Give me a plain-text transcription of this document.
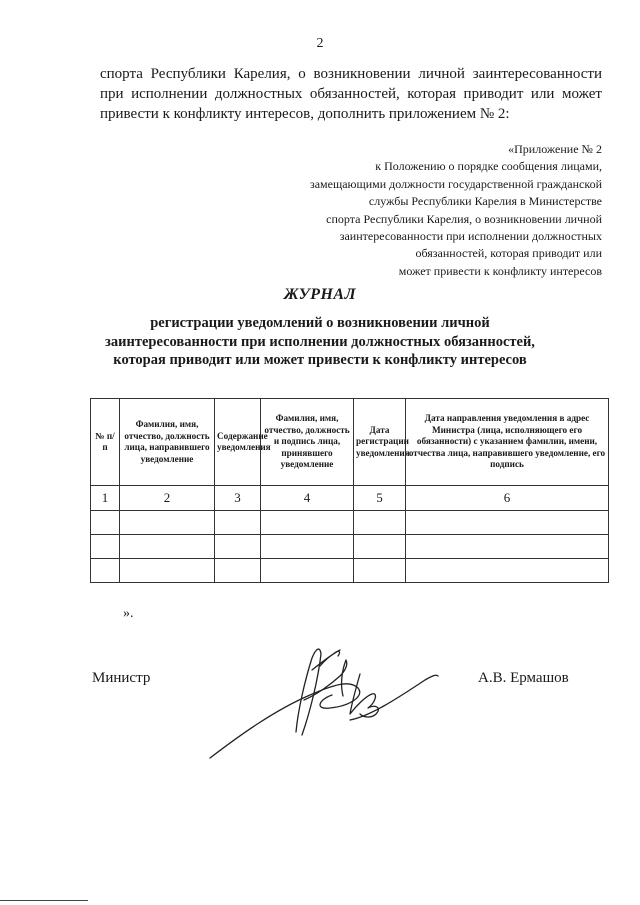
2
спорта Республики Карелия, о возникновении личной заинтересованности
при исполнении должностных обязанностей, которая приводит или может
привести к конфликту интересов, дополнить приложением № 2:
«Приложение № 2
к Положению о порядке сообщения лицами,
замещающими должности государственной гражданской
службы Республики Карелия в Министерстве
спорта Республики Карелия, о возникновении личной
заинтересованности при исполнении должностных
обязанностей, которая приводит или
может привести к конфликту интересов
ЖУРНАЛ
регистрации уведомлений о возникновении личной
заинтересованности при исполнении должностных обязанностей,
которая приводит или может привести к конфликту интересов
№ п/п	Фамилия, имя, отчество, должность лица, направившего уведомление	Содержание уведомления	Фамилия, имя, отчество, должность и подпись лица, принявшего уведомление	Дата регистрации уведомления	Дата направления уведомления в адрес Министра (лица, исполняющего его обязанности) с указанием фамилии, имени, отчества лица, направившего уведомление, его подпись
1	2	3	4	5	6

».
Министр	А.В. Ермашов
